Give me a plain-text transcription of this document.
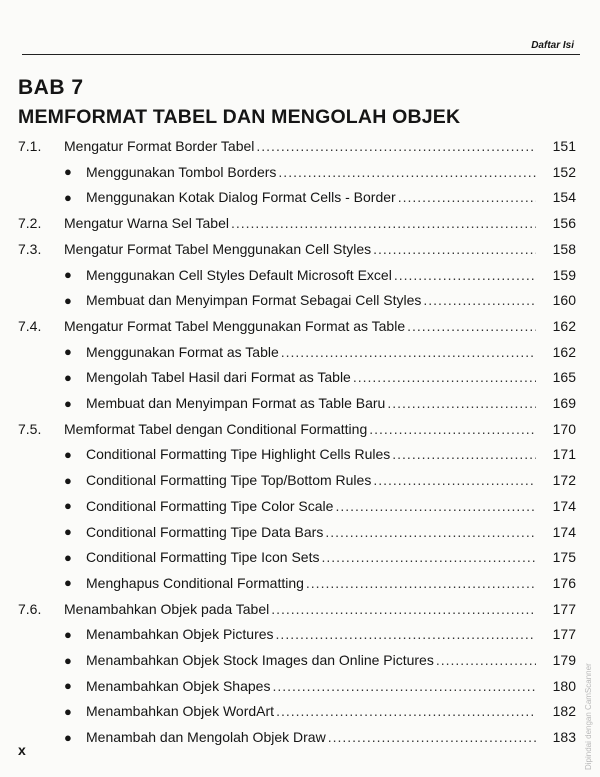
Daftar Isi
BAB 7
MEMFORMAT TABEL DAN MENGOLAH OBJEK
7.1.	Mengatur Format Border Tabel .....	151
● Menggunakan Tombol Borders .....	152
● Menggunakan Kotak Dialog Format Cells - Border .....	154
7.2.	Mengatur Warna Sel Tabel .....	156
7.3.	Mengatur Format Tabel Menggunakan Cell Styles .....	158
● Menggunakan Cell Styles Default Microsoft Excel .....	159
● Membuat dan Menyimpan Format Sebagai Cell Styles .....	160
7.4.	Mengatur Format Tabel Menggunakan Format as Table .....	162
● Menggunakan Format as Table .....	162
● Mengolah Tabel Hasil dari Format as Table .....	165
● Membuat dan Menyimpan Format as Table Baru .....	169
7.5.	Memformat Tabel dengan Conditional Formatting .....	170
● Conditional Formatting Tipe Highlight Cells Rules .....	171
● Conditional Formatting Tipe Top/Bottom Rules .....	172
● Conditional Formatting Tipe Color Scale .....	174
● Conditional Formatting Tipe Data Bars .....	174
● Conditional Formatting Tipe Icon Sets .....	175
● Menghapus Conditional Formatting .....	176
7.6.	Menambahkan Objek pada Tabel .....	177
● Menambahkan Objek Pictures .....	177
● Menambahkan Objek Stock Images dan Online Pictures .....	179
● Menambahkan Objek Shapes .....	180
● Menambahkan Objek WordArt .....	182
● Menambah dan Mengolah Objek Draw .....	183
x	Dipindai dengan CamScanner
